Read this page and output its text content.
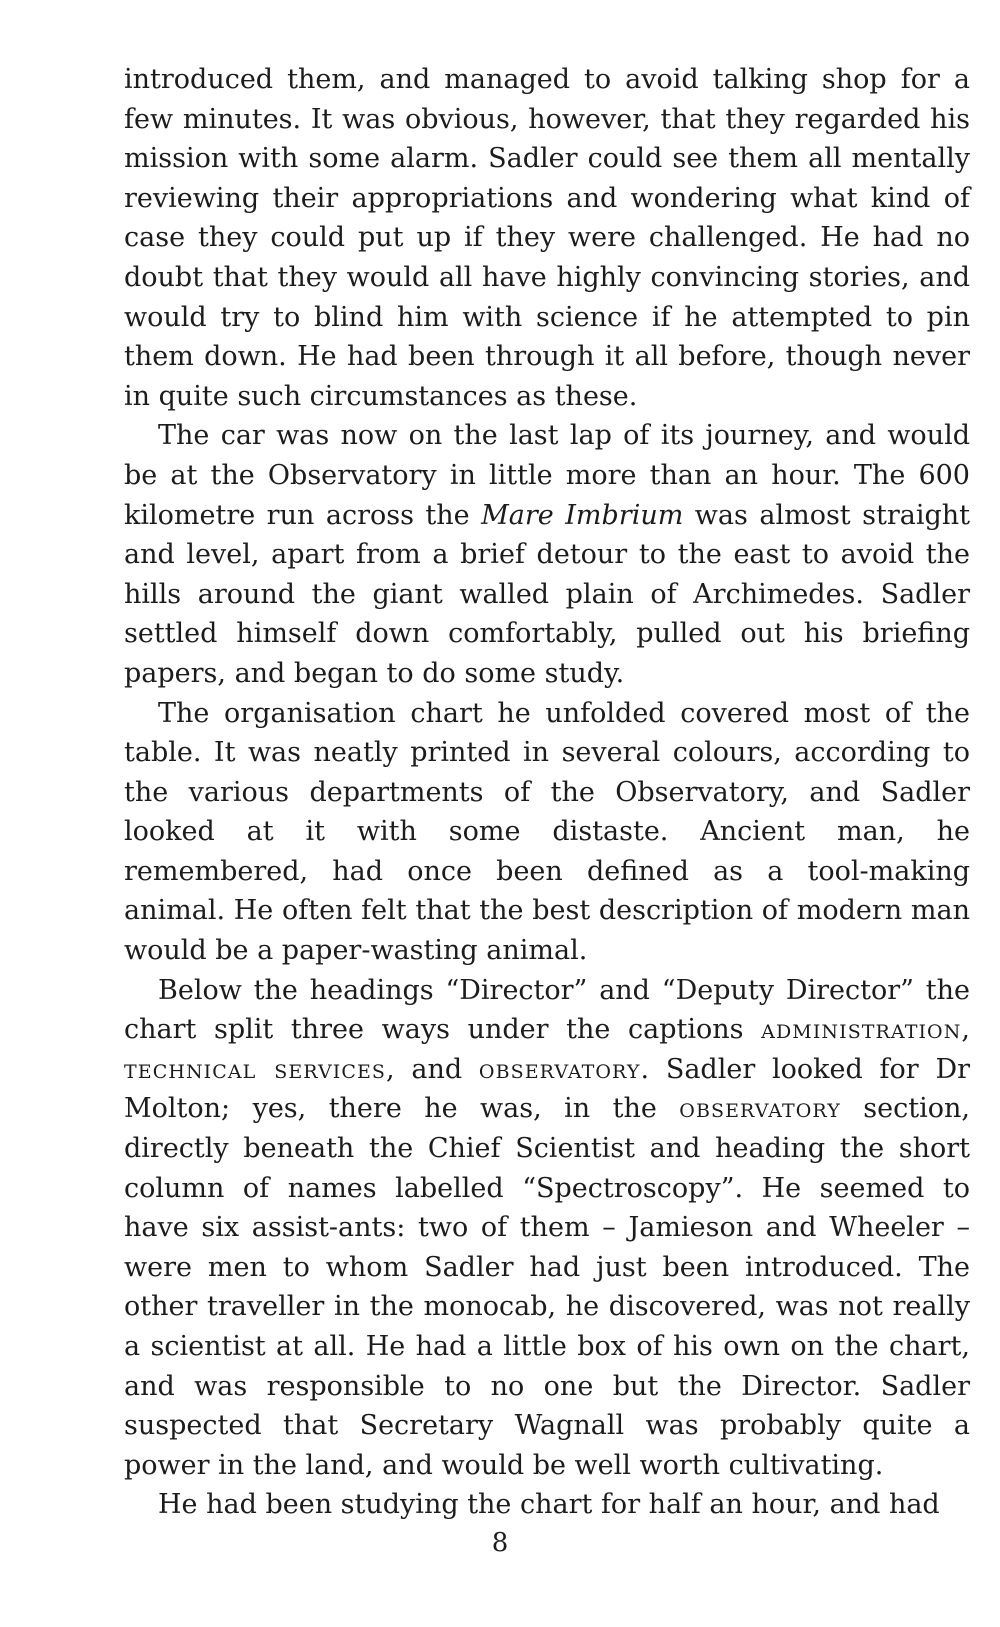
introduced them, and managed to avoid talking shop for a few minutes. It was obvious, however, that they regarded his mission with some alarm. Sadler could see them all mentally reviewing their appropriations and wondering what kind of case they could put up if they were challenged. He had no doubt that they would all have highly convincing stories, and would try to blind him with science if he attempted to pin them down. He had been through it all before, though never in quite such circumstances as these.

The car was now on the last lap of its journey, and would be at the Observatory in little more than an hour. The 600 kilometre run across the Mare Imbrium was almost straight and level, apart from a brief detour to the east to avoid the hills around the giant walled plain of Archimedes. Sadler settled himself down comfortably, pulled out his briefing papers, and began to do some study.

The organisation chart he unfolded covered most of the table. It was neatly printed in several colours, according to the various departments of the Observatory, and Sadler looked at it with some distaste. Ancient man, he remembered, had once been defined as a tool-making animal. He often felt that the best description of modern man would be a paper-wasting animal.

Below the headings “Director” and “Deputy Director” the chart split three ways under the captions administration, technical services, and observatory. Sadler looked for Dr Molton; yes, there he was, in the observatory section, directly beneath the Chief Scientist and heading the short column of names labelled “Spectroscopy”. He seemed to have six assist-ants: two of them – Jamieson and Wheeler – were men to whom Sadler had just been introduced. The other traveller in the monocab, he discovered, was not really a scientist at all. He had a little box of his own on the chart, and was responsible to no one but the Director. Sadler suspected that Secretary Wagnall was probably quite a power in the land, and would be well worth cultivating.

He had been studying the chart for half an hour, and had

8
